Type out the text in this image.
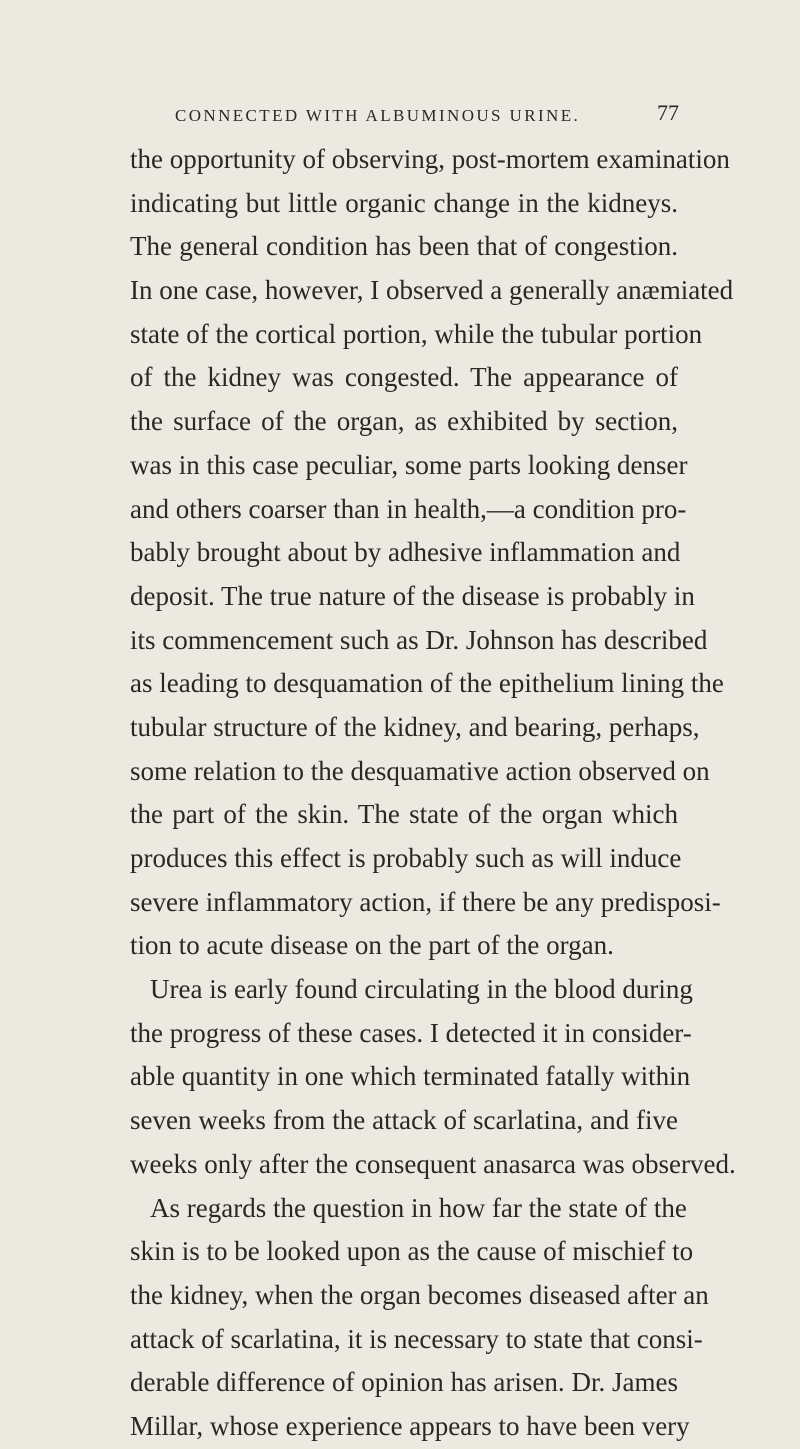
CONNECTED WITH ALBUMINOUS URINE.	77
the opportunity of observing, post-mortem examination
indicating but little organic change in the kidneys.
The general condition has been that of congestion.
In one case, however, I observed a generally anæmiated
state of the cortical portion, while the tubular portion
of the kidney was congested. The appearance of
the surface of the organ, as exhibited by section,
was in this case peculiar, some parts looking denser
and others coarser than in health,—a condition pro-
bably brought about by adhesive inflammation and
deposit. The true nature of the disease is probably in
its commencement such as Dr. Johnson has described
as leading to desquamation of the epithelium lining the
tubular structure of the kidney, and bearing, perhaps,
some relation to the desquamative action observed on
the part of the skin. The state of the organ which
produces this effect is probably such as will induce
severe inflammatory action, if there be any predisposi-
tion to acute disease on the part of the organ.
Urea is early found circulating in the blood during
the progress of these cases. I detected it in consider-
able quantity in one which terminated fatally within
seven weeks from the attack of scarlatina, and five
weeks only after the consequent anasarca was observed.
As regards the question in how far the state of the
skin is to be looked upon as the cause of mischief to
the kidney, when the organ becomes diseased after an
attack of scarlatina, it is necessary to state that consi-
derable difference of opinion has arisen. Dr. James
Millar, whose experience appears to have been very
